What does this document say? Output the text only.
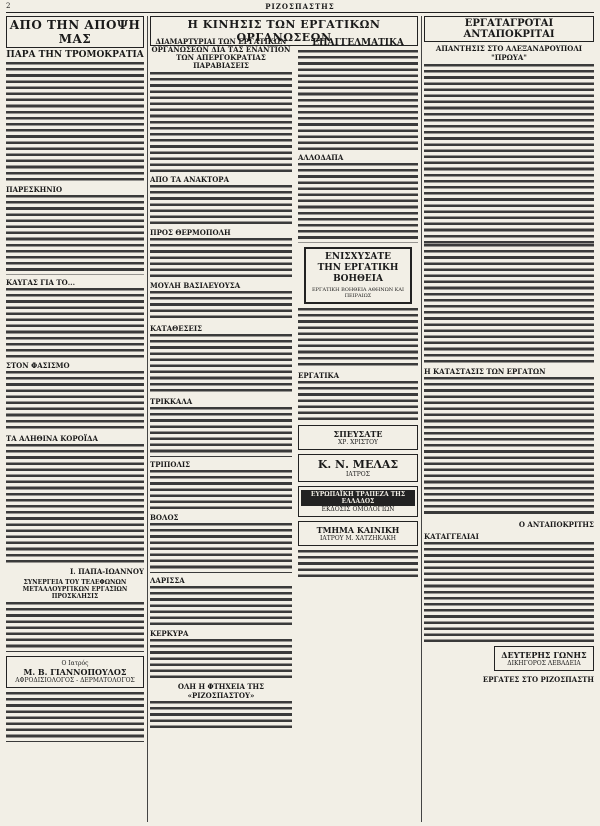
2	ΡΙΖΟΣΠΑΣΤΗΣ
ΑΠΟ ΤΗΝ ΑΠΟΨΗ ΜΑΣ
ΠΑΡΑ ΤΗΝ ΤΡΟΜΟΚΡΑΤΙΑ
ΠΑΡΕΣΚΗΝΙΟ
ΚΑΥΓΑΣ ΓΙΑ ΤΟ...
ΣΤΟΝ ΦΑΣΙΣΜΟ
ΤΑ ΑΛΗΘΙΝΑ ΚΟΡΟΪΔΑ
Ι. ΠΑΠΑ-ΙΩΑΝΝΟΥ
ΣΥΝΕΡΓΕΙΑ ΤΟΥ ΤΕΛΕΦΩΝΩΝ ΜΕΤΑΛΛΟΥΡΓΙΚΩΝ ΕΡΓΑΣΙΩΝ ΠΡΟΣΚΛΗΣΙΣ
Ο Ιατρός
Μ. Β. ΓΙΑΝΝΟΠΟΥΛΟΣ
ΑΦΡΟΔΙΣΙΟΛΟΓΟΣ - ΔΕΡΜΑΤΟΛΟΓΟΣ
Η ΚΙΝΗΣΙΣ ΤΩΝ ΕΡΓΑΤΙΚΩΝ ΟΡΓΑΝΩΣΕΩΝ
ΔΙΑΜΑΡΤΥΡΙΑΙ ΤΩΝ ΕΡΓΑΤΙΚΩΝ ΟΡΓΑΝΩΣΕΩΝ ΔΙΑ ΤΑΣ ΕΝΑΝΤΙΟΝ ΤΩΝ ΑΠΕΡΓΟΚΡΑΤΙΑΣ ΠΑΡΑΒΙΑΣΕΙΣ
ΑΠΟ ΤΑ ΑΝΑΚΤΟΡΑ
ΠΡΟΣ ΘΕΡΜΟΠΟΛΗ
ΜΟΥΛΗ ΒΑΣΙΛΕΥΟΥΣΑ
ΚΑΤΑΘΕΣΕΙΣ
ΤΡΙΚΚΑΛΑ
ΤΡΙΠΟΛΙΣ
ΒΟΛΟΣ
ΛΑΡΙΣΣΑ
ΚΕΡΚΥΡΑ
ΟΛΗ Η ΦΤΗΧΕΙΑ ΤΗΣ «ΡΙΖΟΣΠΑΣΤΟΥ»
ΕΠΑΓΓΕΛΜΑΤΙΚΑ
ΑΛΛΟΔΑΠΑ
ΕΝΙΣΧΥΣΑΤΕ
ΤΗΝ ΕΡΓΑΤΙΚΗ
ΒΟΗΘΕΙΑ
ΕΡΓΑΤΙΚΗ ΒΟΗΘΕΙΑ ΑΘΗΝΩΝ ΚΑΙ ΠΕΙΡΑΙΩΣ
ΕΡΓΑΤΙΚΑ
ΣΠΕΥΣΑΤΕ
ΧΡ. ΧΡΙΣΤΟΥ
Κ. Ν. ΜΕΛΑΣ
ΙΑΤΡΟΣ
ΕΥΡΩΠΑΪΚΗ ΤΡΑΠΕΖΑ ΤΗΣ ΕΛΛΑΔΟΣ
ΕΚΔΟΣΙΣ ΟΜΟΛΟΓΙΩΝ
ΤΜΗΜΑ ΚΑΙΝΙΚΗ
ΙΑΤΡΟΥ Μ. ΧΑΤΖΗΚΑΚΗ
ΕΡΓΑΤΑΓΡΟΤΑΙ ΑΝΤΑΠΟΚΡΙΤΑΙ
ΑΠΑΝΤΗΣΙΣ ΣΤΟ ΑΛΕΞΑΝΔΡΟΥΠΟΛΙ "ΠΡΩΥΑ"
Η ΚΑΤΑΣΤΑΣΙΣ ΤΩΝ ΕΡΓΑΤΩΝ
Ο ΑΝΤΑΠΟΚΡΙΤΗΣ
ΚΑΤΑΓΓΕΛΙΑΙ
ΔΕΥΤΕΡΗΣ ΓΩΝΗΣ
ΔΙΚΗΓΟΡΟΣ ΛΕΒΑΔΕΙΑ
ΕΡΓΑΤΕΣ ΣΤΟ ΡΙΖΟΣΠΑΣΤΗ
